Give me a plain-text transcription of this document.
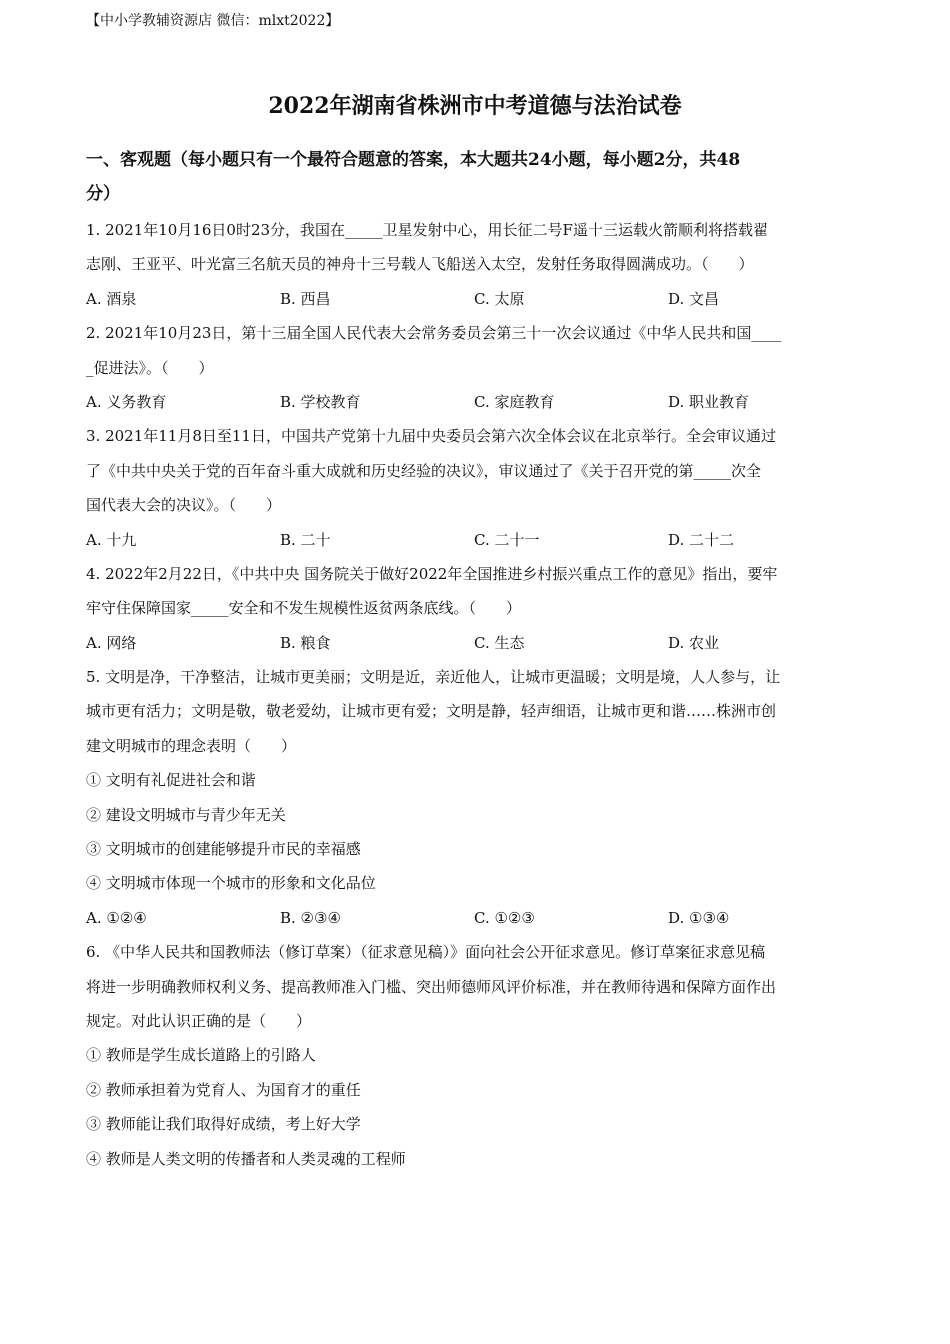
【中小学教辅资源店 微信：mlxt2022】
2022年湖南省株洲市中考道德与法治试卷
一、客观题（每小题只有一个最符合题意的答案，本大题共24小题，每小题2分，共48
分）
1. 2021年10月16日0时23分，我国在_____卫星发射中心，用长征二号F遥十三运载火箭顺利将搭载翟
志刚、王亚平、叶光富三名航天员的神舟十三号载人飞船送入太空，发射任务取得圆满成功。（　　）
A. 酒泉	B. 西昌	C. 太原	D. 文昌
2. 2021年10月23日，第十三届全国人民代表大会常务委员会第三十一次会议通过《中华人民共和国____
_促进法》。（　　）
A. 义务教育	B. 学校教育	C. 家庭教育	D. 职业教育
3. 2021年11月8日至11日，中国共产党第十九届中央委员会第六次全体会议在北京举行。全会审议通过
了《中共中央关于党的百年奋斗重大成就和历史经验的决议》，审议通过了《关于召开党的第_____次全
国代表大会的决议》。（　　）
A. 十九	B. 二十	C. 二十一	D. 二十二
4. 2022年2月22日，《中共中央 国务院关于做好2022年全国推进乡村振兴重点工作的意见》指出，要牢
牢守住保障国家_____安全和不发生规模性返贫两条底线。（　　）
A. 网络	B. 粮食	C. 生态	D. 农业
5. 文明是净，干净整洁，让城市更美丽；文明是近，亲近他人，让城市更温暖；文明是境，人人参与，让
城市更有活力；文明是敬，敬老爱幼，让城市更有爱；文明是静，轻声细语，让城市更和谐……株洲市创
建文明城市的理念表明（　　）
① 文明有礼促进社会和谐
② 建设文明城市与青少年无关
③ 文明城市的创建能够提升市民的幸福感
④ 文明城市体现一个城市的形象和文化品位
A. ①②④	B. ②③④	C. ①②③	D. ①③④
6. 《中华人民共和国教师法（修订草案）（征求意见稿）》面向社会公开征求意见。修订草案征求意见稿
将进一步明确教师权利义务、提高教师准入门槛、突出师德师风评价标准，并在教师待遇和保障方面作出
规定。对此认识正确的是（　　）
① 教师是学生成长道路上的引路人
② 教师承担着为党育人、为国育才的重任
③ 教师能让我们取得好成绩，考上好大学
④ 教师是人类文明的传播者和人类灵魂的工程师
